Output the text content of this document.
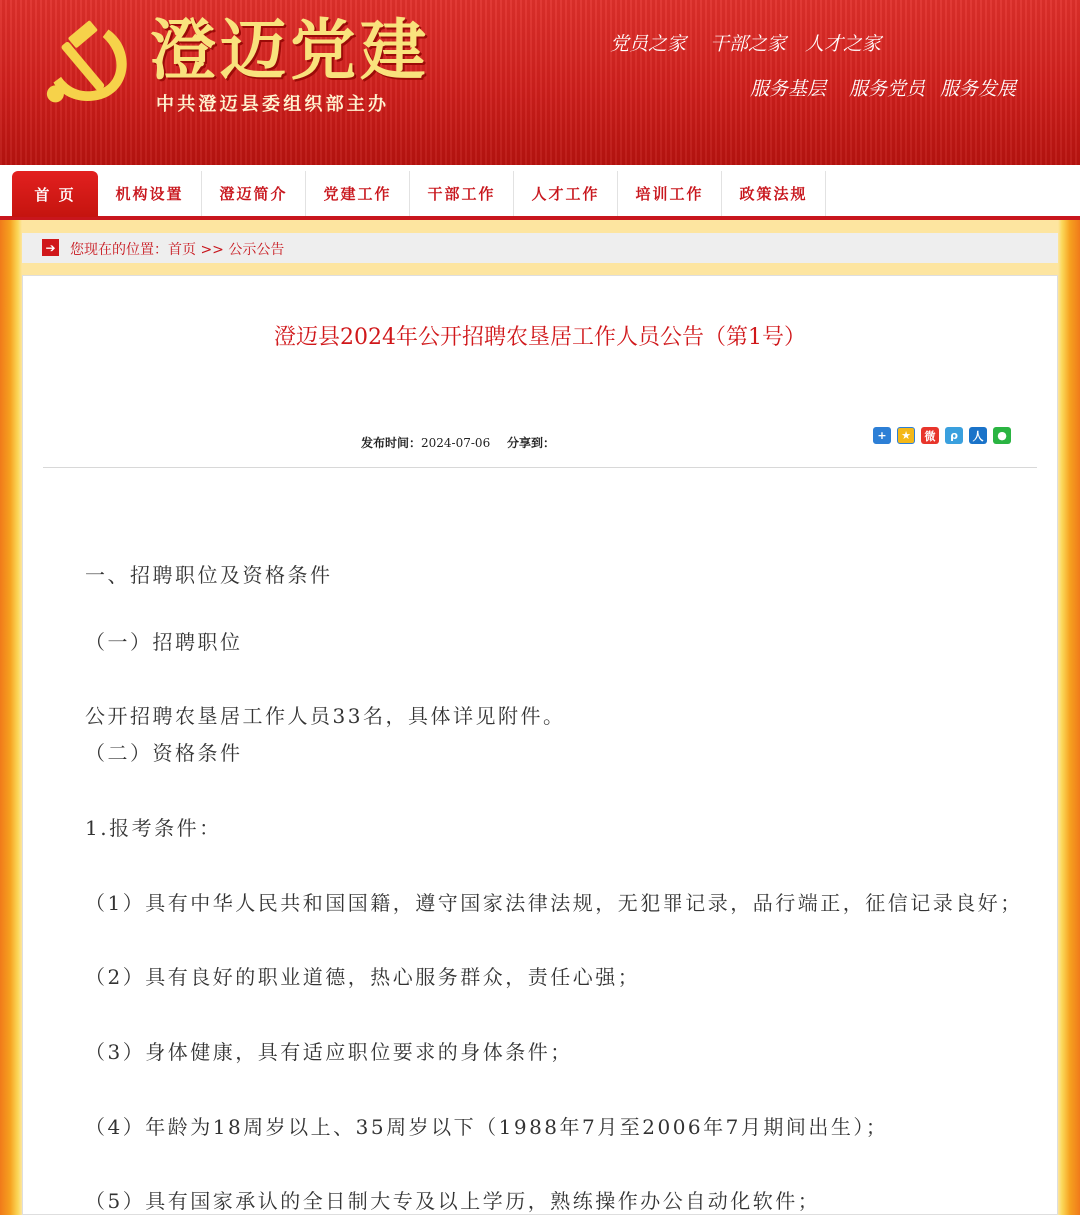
澄迈党建
中共澄迈县委组织部主办
党员之家 干部之家 人才之家
服务基层 服务党员 服务发展
首 页	机构设置	澄迈简介	党建工作	干部工作	人才工作	培训工作	政策法规
➔ 您现在的位置：首页 >> 公示公告
澄迈县2024年公开招聘农垦居工作人员公告（第1号）
发布时间：2024-07-06 分享到：
+	★	微	ρ	人	●
一、招聘职位及资格条件
（一）招聘职位
公开招聘农垦居工作人员33名，具体详见附件。
（二）资格条件
1.报考条件：
（1）具有中华人民共和国国籍，遵守国家法律法规，无犯罪记录，品行端正，征信记录良好；
（2）具有良好的职业道德，热心服务群众，责任心强；
（3）身体健康，具有适应职位要求的身体条件；
（4）年龄为18周岁以上、35周岁以下（1988年7月至2006年7月期间出生）；
（5）具有国家承认的全日制大专及以上学历，熟练操作办公自动化软件；
